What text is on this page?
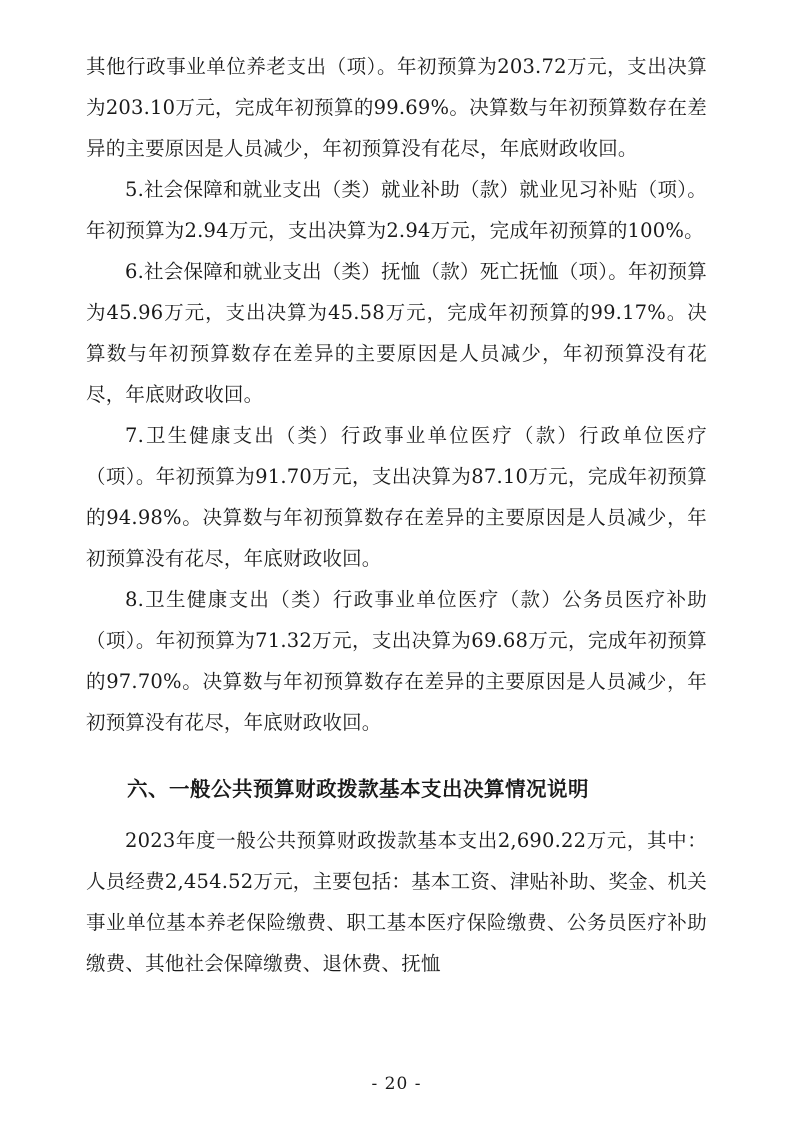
其他行政事业单位养老支出（项）。年初预算为203.72万元，支出决算为203.10万元，完成年初预算的99.69%。决算数与年初预算数存在差异的主要原因是人员减少，年初预算没有花尽，年底财政收回。

5.社会保障和就业支出（类）就业补助（款）就业见习补贴（项）。年初预算为2.94万元，支出决算为2.94万元，完成年初预算的100%。

6.社会保障和就业支出（类）抚恤（款）死亡抚恤（项）。年初预算为45.96万元，支出决算为45.58万元，完成年初预算的99.17%。决算数与年初预算数存在差异的主要原因是人员减少，年初预算没有花尽，年底财政收回。

7.卫生健康支出（类）行政事业单位医疗（款）行政单位医疗（项）。年初预算为91.70万元，支出决算为87.10万元，完成年初预算的94.98%。决算数与年初预算数存在差异的主要原因是人员减少，年初预算没有花尽，年底财政收回。

8.卫生健康支出（类）行政事业单位医疗（款）公务员医疗补助（项）。年初预算为71.32万元，支出决算为69.68万元，完成年初预算的97.70%。决算数与年初预算数存在差异的主要原因是人员减少，年初预算没有花尽，年底财政收回。

六、一般公共预算财政拨款基本支出决算情况说明

2023年度一般公共预算财政拨款基本支出2,690.22万元，其中：人员经费2,454.52万元，主要包括：基本工资、津贴补助、奖金、机关事业单位基本养老保险缴费、职工基本医疗保险缴费、公务员医疗补助缴费、其他社会保障缴费、退休费、抚恤

- 20 -
